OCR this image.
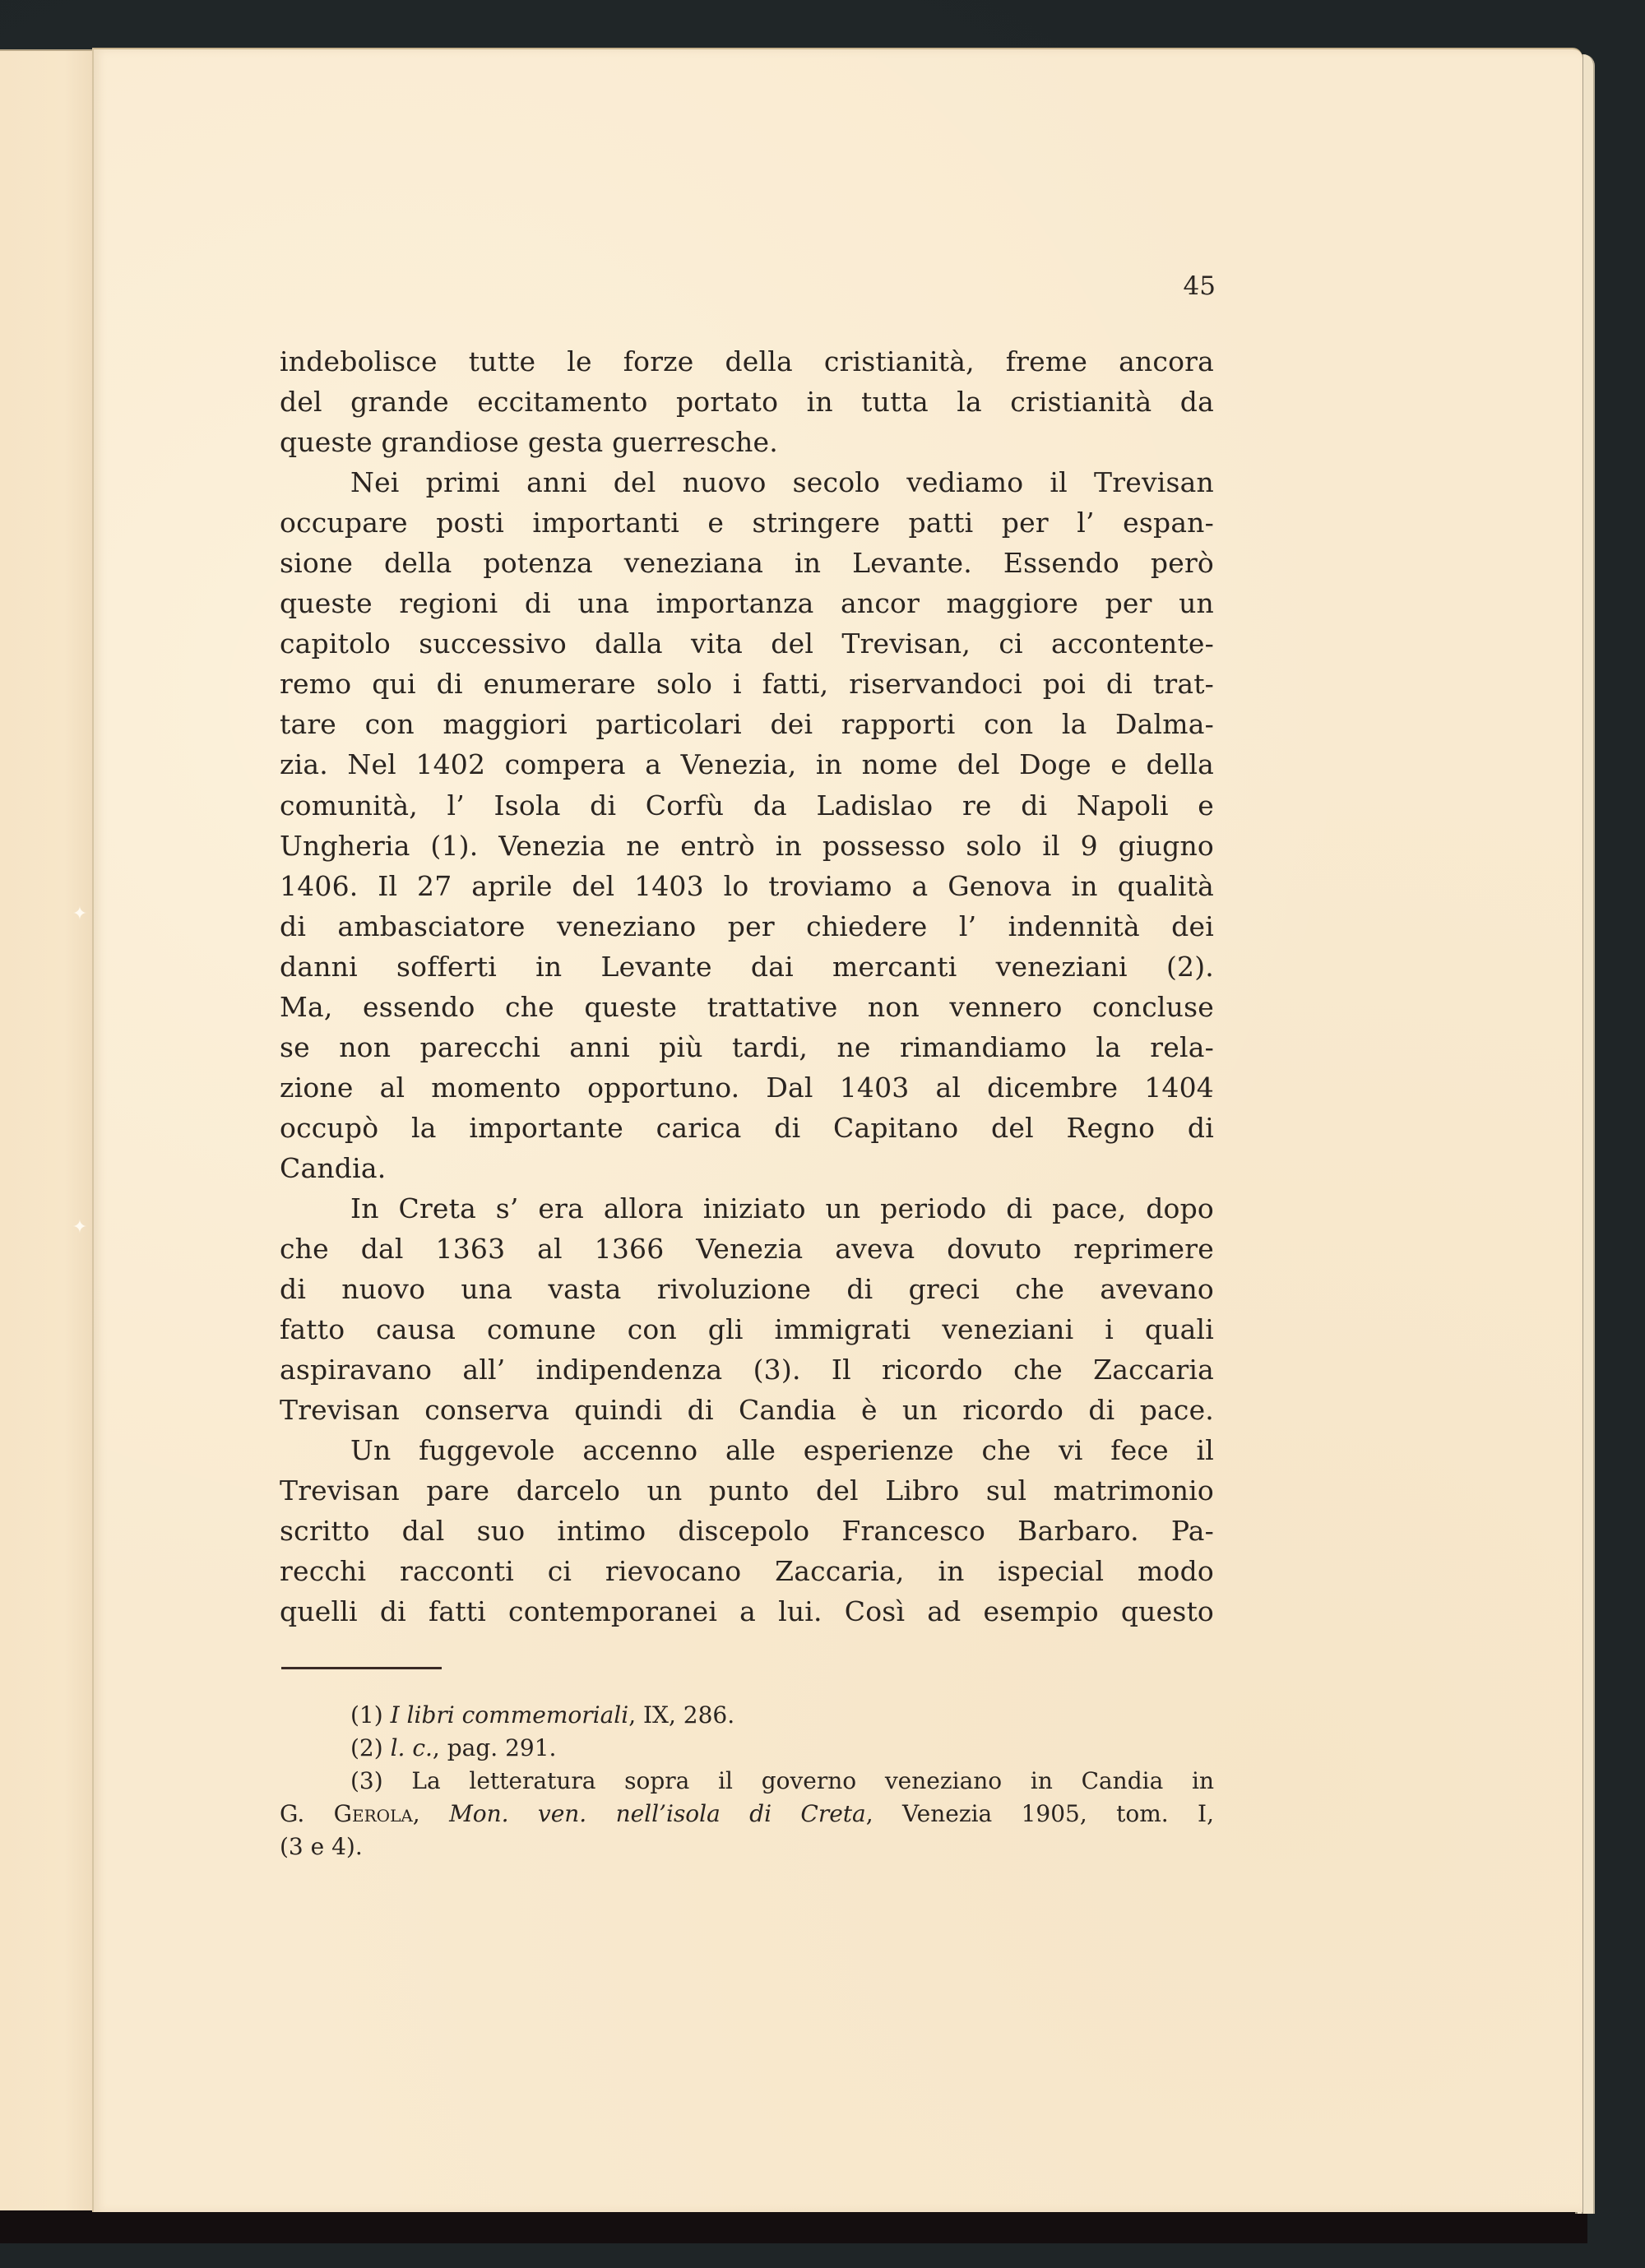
✦
✦
45
indebolisce tutte le forze della cristianità, freme ancora
del grande eccitamento portato in tutta la cristianità da
queste grandiose gesta guerresche.
Nei primi anni del nuovo secolo vediamo il Trevisan
occupare posti importanti e stringere patti per l’ espan-
sione della potenza veneziana in Levante. Essendo però
queste regioni di una importanza ancor maggiore per un
capitolo successivo dalla vita del Trevisan, ci accontente-
remo qui di enumerare solo i fatti, riservandoci poi di trat-
tare con maggiori particolari dei rapporti con la Dalma-
zia. Nel 1402 compera a Venezia, in nome del Doge e della
comunità, l’ Isola di Corfù da Ladislao re di Napoli e
Ungheria (1). Venezia ne entrò in possesso solo il 9 giugno
1406. Il 27 aprile del 1403 lo troviamo a Genova in qualità
di ambasciatore veneziano per chiedere l’ indennità dei
danni sofferti in Levante dai mercanti veneziani (2).
Ma, essendo che queste trattative non vennero concluse
se non parecchi anni più tardi, ne rimandiamo la rela-
zione al momento opportuno. Dal 1403 al dicembre 1404
occupò la importante carica di Capitano del Regno di
Candia.
In Creta s’ era allora iniziato un periodo di pace, dopo
che dal 1363 al 1366 Venezia aveva dovuto reprimere
di nuovo una vasta rivoluzione di greci che avevano
fatto causa comune con gli immigrati veneziani i quali
aspiravano all’ indipendenza (3). Il ricordo che Zaccaria
Trevisan conserva quindi di Candia è un ricordo di pace.
Un fuggevole accenno alle esperienze che vi fece il
Trevisan pare darcelo un punto del Libro sul matrimonio
scritto dal suo intimo discepolo Francesco Barbaro. Pa-
recchi racconti ci rievocano Zaccaria, in ispecial modo
quelli di fatti contemporanei a lui. Così ad esempio questo
(1) I libri commemoriali, IX, 286.
(2) l. c., pag. 291.
(3) La letteratura sopra il governo veneziano in Candia in
G. Gerola, Mon. ven. nell’isola di Creta, Venezia 1905, tom. I,
(3 e 4).
